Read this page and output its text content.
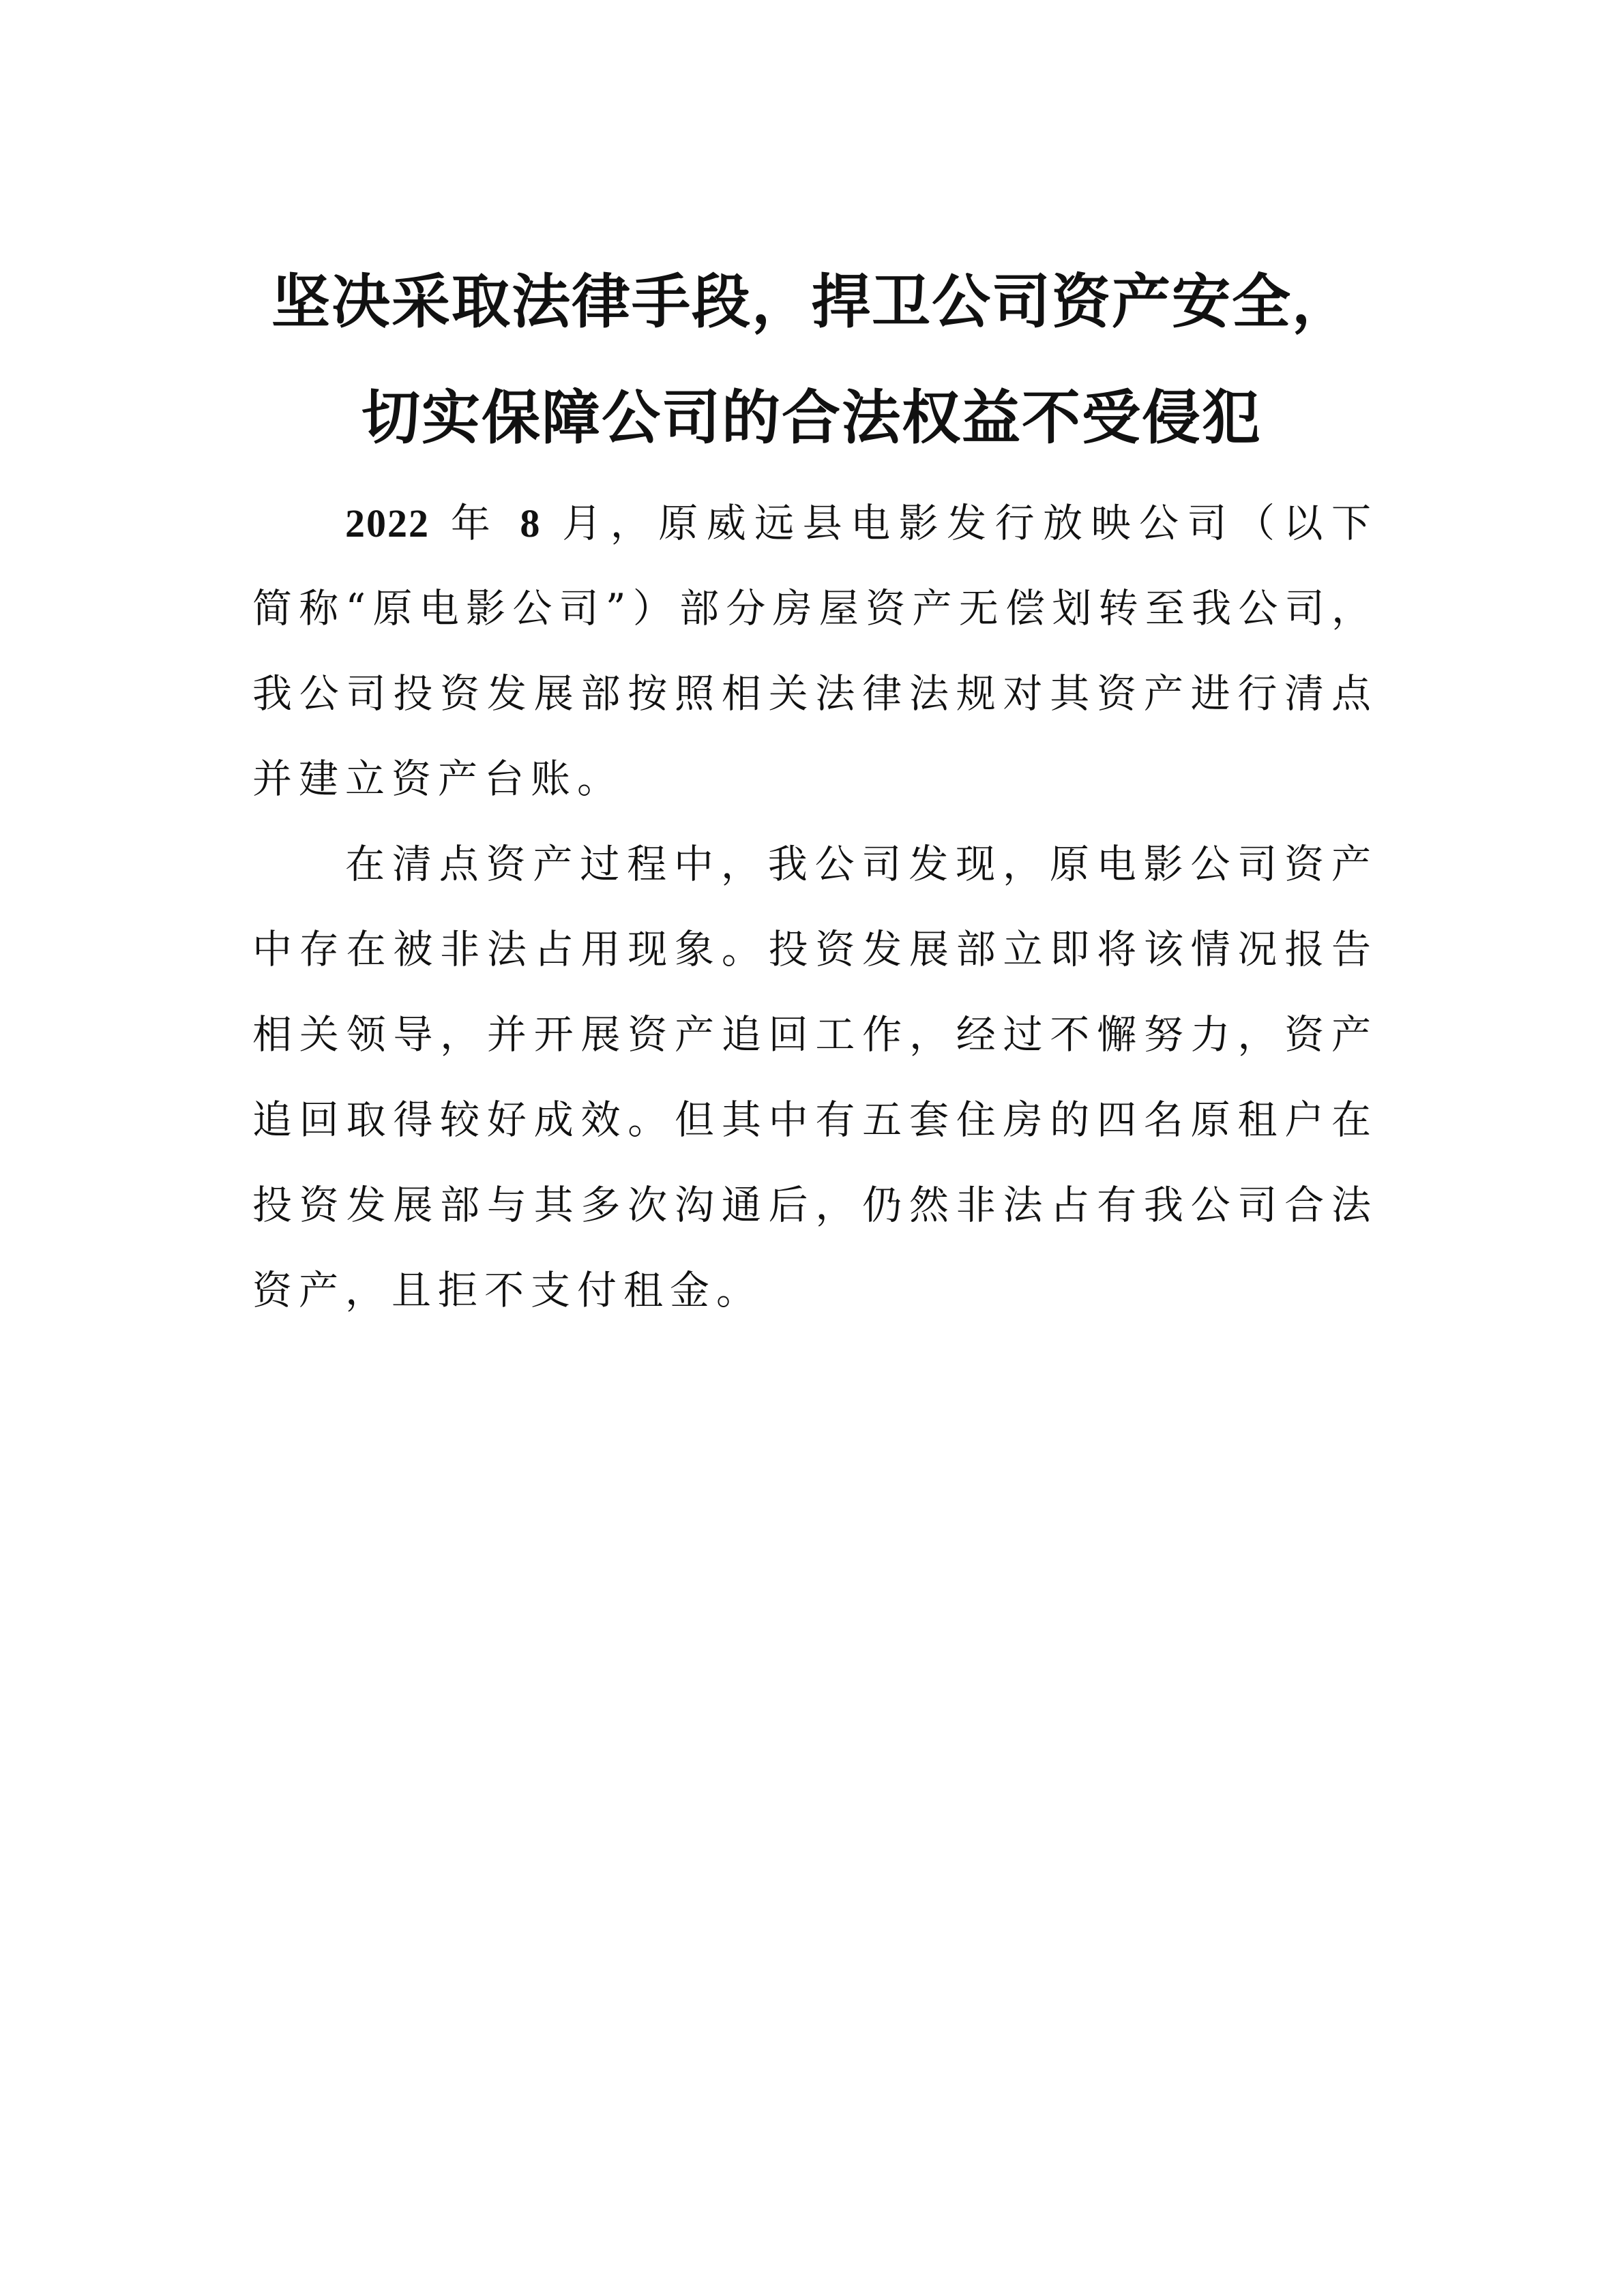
坚决采取法律手段，捍卫公司资产安全，
切实保障公司的合法权益不受侵犯

2022 年 8 月，原威远县电影发行放映公司（以下简称“原电影公司”）部分房屋资产无偿划转至我公司，我公司投资发展部按照相关法律法规对其资产进行清点并建立资产台账。

在清点资产过程中，我公司发现，原电影公司资产中存在被非法占用现象。投资发展部立即将该情况报告相关领导，并开展资产追回工作，经过不懈努力，资产追回取得较好成效。但其中有五套住房的四名原租户在投资发展部与其多次沟通后，仍然非法占有我公司合法资产，且拒不支付租金。
